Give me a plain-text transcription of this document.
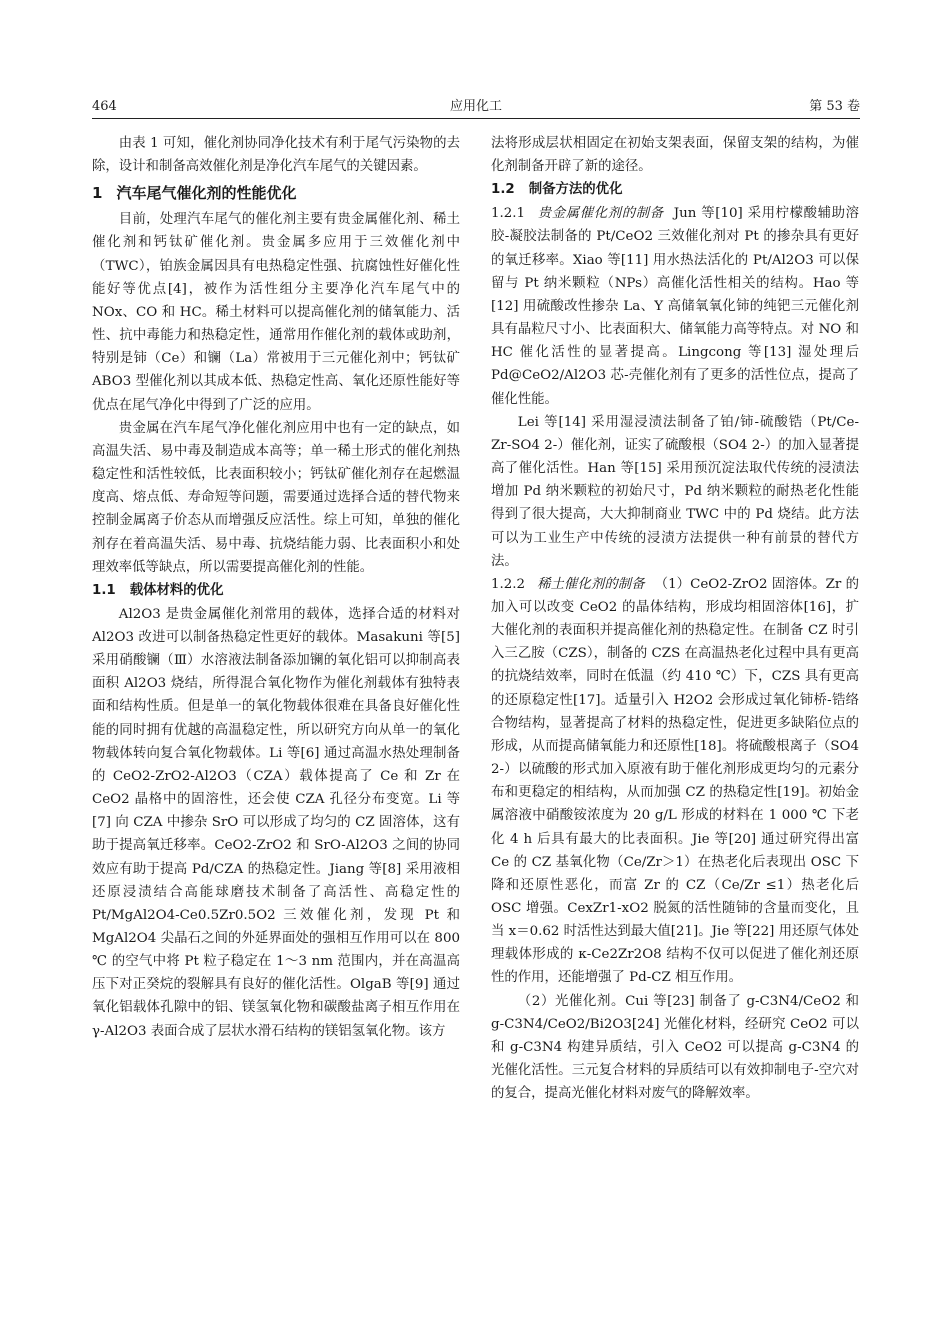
464	应用化工	第 53 卷

由表 1 可知，催化剂协同净化技术有利于尾气污染物的去除，设计和制备高效催化剂是净化汽车尾气的关键因素。

1 汽车尾气催化剂的性能优化

目前，处理汽车尾气的催化剂主要有贵金属催化剂、稀土催化剂和钙钛矿催化剂。贵金属多应用于三效催化剂中（TWC），铂族金属因具有电热稳定性强、抗腐蚀性好催化性能好等优点[4]，被作为活性组分主要净化汽车尾气中的 NOx、CO 和 HC。稀土材料可以提高催化剂的储氧能力、活性、抗中毒能力和热稳定性，通常用作催化剂的载体或助剂，特别是铈（Ce）和镧（La）常被用于三元催化剂中；钙钛矿 ABO3 型催化剂以其成本低、热稳定性高、氧化还原性能好等优点在尾气净化中得到了广泛的应用。

贵金属在汽车尾气净化催化剂应用中也有一定的缺点，如高温失活、易中毒及制造成本高等；单一稀土形式的催化剂热稳定性和活性较低，比表面积较小；钙钛矿催化剂存在起燃温度高、熔点低、寿命短等问题，需要通过选择合适的替代物来控制金属离子价态从而增强反应活性。综上可知，单独的催化剂存在着高温失活、易中毒、抗烧结能力弱、比表面积小和处理效率低等缺点，所以需要提高催化剂的性能。

1.1 载体材料的优化

Al2O3 是贵金属催化剂常用的载体，选择合适的材料对 Al2O3 改进可以制备热稳定性更好的载体。Masakuni 等[5] 采用硝酸镧（Ⅲ）水溶液法制备添加镧的氧化铝可以抑制高表面积 Al2O3 烧结，所得混合氧化物作为催化剂载体有独特表面和结构性质。但是单一的氧化物载体很难在具备良好催化性能的同时拥有优越的高温稳定性，所以研究方向从单一的氧化物载体转向复合氧化物载体。Li 等[6] 通过高温水热处理制备的 CeO2-ZrO2-Al2O3（CZA）载体提高了 Ce 和 Zr 在 CeO2 晶格中的固溶性，还会使 CZA 孔径分布变宽。Li 等[7] 向 CZA 中掺杂 SrO 可以形成了均匀的 CZ 固溶体，这有助于提高氧迁移率。CeO2-ZrO2 和 SrO-Al2O3 之间的协同效应有助于提高 Pd/CZA 的热稳定性。Jiang 等[8] 采用液相还原浸渍结合高能球磨技术制备了高活性、高稳定性的 Pt/MgAl2O4-Ce0.5Zr0.5O2 三效催化剂，发现 Pt 和 MgAl2O4 尖晶石之间的外延界面处的强相互作用可以在 800 ℃ 的空气中将 Pt 粒子稳定在 1～3 nm 范围内，并在高温高压下对正癸烷的裂解具有良好的催化活性。OlgaB 等[9] 通过氧化铝载体孔隙中的铝、镁氢氧化物和碳酸盐离子相互作用在 γ-Al2O3 表面合成了层状水滑石结构的镁铝氢氧化物。该方

法将形成层状相固定在初始支架表面，保留支架的结构，为催化剂制备开辟了新的途径。

1.2 制备方法的优化

1.2.1 贵金属催化剂的制备 Jun 等[10] 采用柠檬酸辅助溶胶-凝胶法制备的 Pt/CeO2 三效催化剂对 Pt 的掺杂具有更好的氧迁移率。Xiao 等[11] 用水热法活化的 Pt/Al2O3 可以保留与 Pt 纳米颗粒（NPs）高催化活性相关的结构。Hao 等[12] 用硫酸改性掺杂 La、Y 高储氧氧化铈的纯钯三元催化剂具有晶粒尺寸小、比表面积大、储氧能力高等特点。对 NO 和 HC 催化活性的显著提高。Lingcong 等[13] 湿处理后 Pd@CeO2/Al2O3 芯-壳催化剂有了更多的活性位点，提高了催化性能。

Lei 等[14] 采用湿浸渍法制备了铂/铈-硫酸锆（Pt/Ce-Zr-SO4 2-）催化剂，证实了硫酸根（SO4 2-）的加入显著提高了催化活性。Han 等[15] 采用预沉淀法取代传统的浸渍法增加 Pd 纳米颗粒的初始尺寸，Pd 纳米颗粒的耐热老化性能得到了很大提高，大大抑制商业 TWC 中的 Pd 烧结。此方法可以为工业生产中传统的浸渍方法提供一种有前景的替代方法。

1.2.2 稀土催化剂的制备 （1）CeO2-ZrO2 固溶体。Zr 的加入可以改变 CeO2 的晶体结构，形成均相固溶体[16]，扩大催化剂的表面积并提高催化剂的热稳定性。在制备 CZ 时引入三乙胺（CZS），制备的 CZS 在高温热老化过程中具有更高的抗烧结效率，同时在低温（约 410 ℃）下，CZS 具有更高的还原稳定性[17]。适量引入 H2O2 会形成过氧化铈桥-锆络合物结构，显著提高了材料的热稳定性，促进更多缺陷位点的形成，从而提高储氧能力和还原性[18]。将硫酸根离子（SO4 2-）以硫酸的形式加入原液有助于催化剂形成更均匀的元素分布和更稳定的相结构，从而加强 CZ 的热稳定性[19]。初始金属溶液中硝酸铵浓度为 20 g/L 形成的材料在 1 000 ℃ 下老化 4 h 后具有最大的比表面积。Jie 等[20] 通过研究得出富 Ce 的 CZ 基氧化物（Ce/Zr＞1）在热老化后表现出 OSC 下降和还原性恶化，而富 Zr 的 CZ（Ce/Zr ≤1）热老化后 OSC 增强。CexZr1-xO2 脱氮的活性随铈的含量而变化，且当 x＝0.62 时活性达到最大值[21]。Jie 等[22] 用还原气体处理载体形成的 κ-Ce2Zr2O8 结构不仅可以促进了催化剂还原性的作用，还能增强了 Pd-CZ 相互作用。

（2）光催化剂。Cui 等[23] 制备了 g-C3N4/CeO2 和 g-C3N4/CeO2/Bi2O3[24] 光催化材料，经研究 CeO2 可以和 g-C3N4 构建异质结，引入 CeO2 可以提高 g-C3N4 的光催化活性。三元复合材料的异质结可以有效抑制电子-空穴对的复合，提高光催化材料对废气的降解效率。
